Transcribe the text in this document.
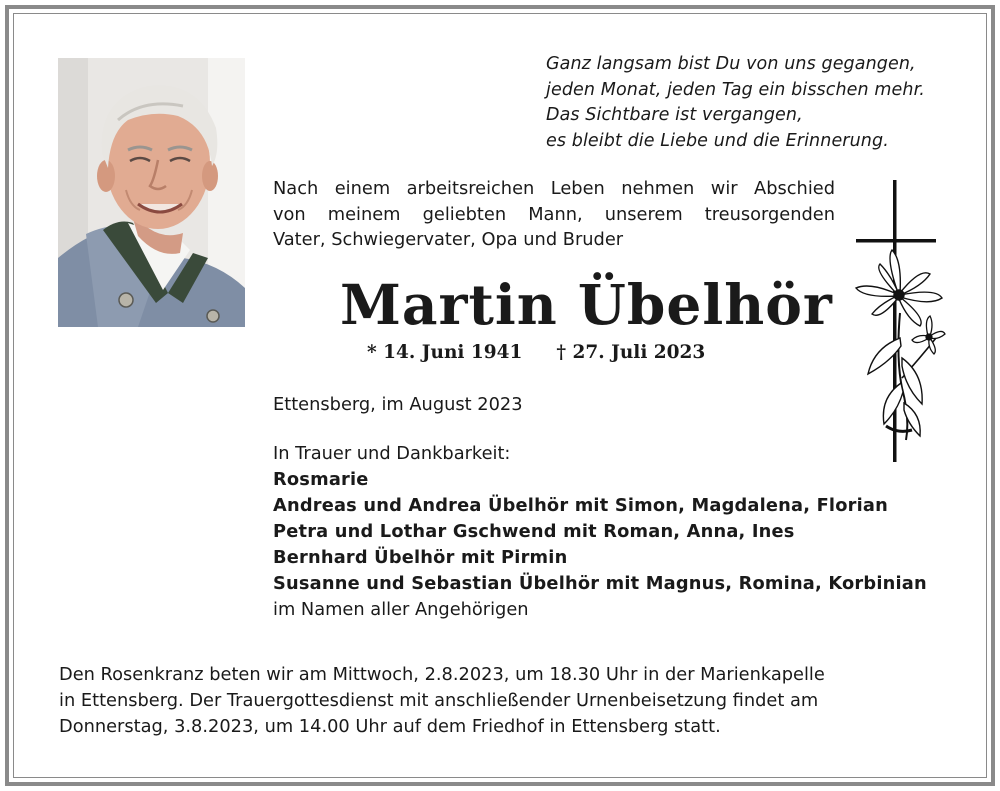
Ganz langsam bist Du von uns gegangen,
jeden Monat, jeden Tag ein bisschen mehr.
Das Sichtbare ist vergangen,
es bleibt die Liebe und die Erinnerung.
Nach einem arbeitsreichen Leben nehmen wir Abschied
von meinem geliebten Mann, unserem treusorgenden
Vater, Schwiegervater, Opa und Bruder
Martin Übelhör
* 14. Juni 1941 † 27. Juli 2023
Ettensberg, im August 2023
In Trauer und Dankbarkeit:
Rosmarie
Andreas und Andrea Übelhör mit Simon, Magdalena, Florian
Petra und Lothar Gschwend mit Roman, Anna, Ines
Bernhard Übelhör mit Pirmin
Susanne und Sebastian Übelhör mit Magnus, Romina, Korbinian
im Namen aller Angehörigen
Den Rosenkranz beten wir am Mittwoch, 2.8.2023, um 18.30 Uhr in der Marienkapelle
in Ettensberg. Der Trauergottesdienst mit anschließender Urnenbeisetzung findet am
Donnerstag, 3.8.2023, um 14.00 Uhr auf dem Friedhof in Ettensberg statt.
